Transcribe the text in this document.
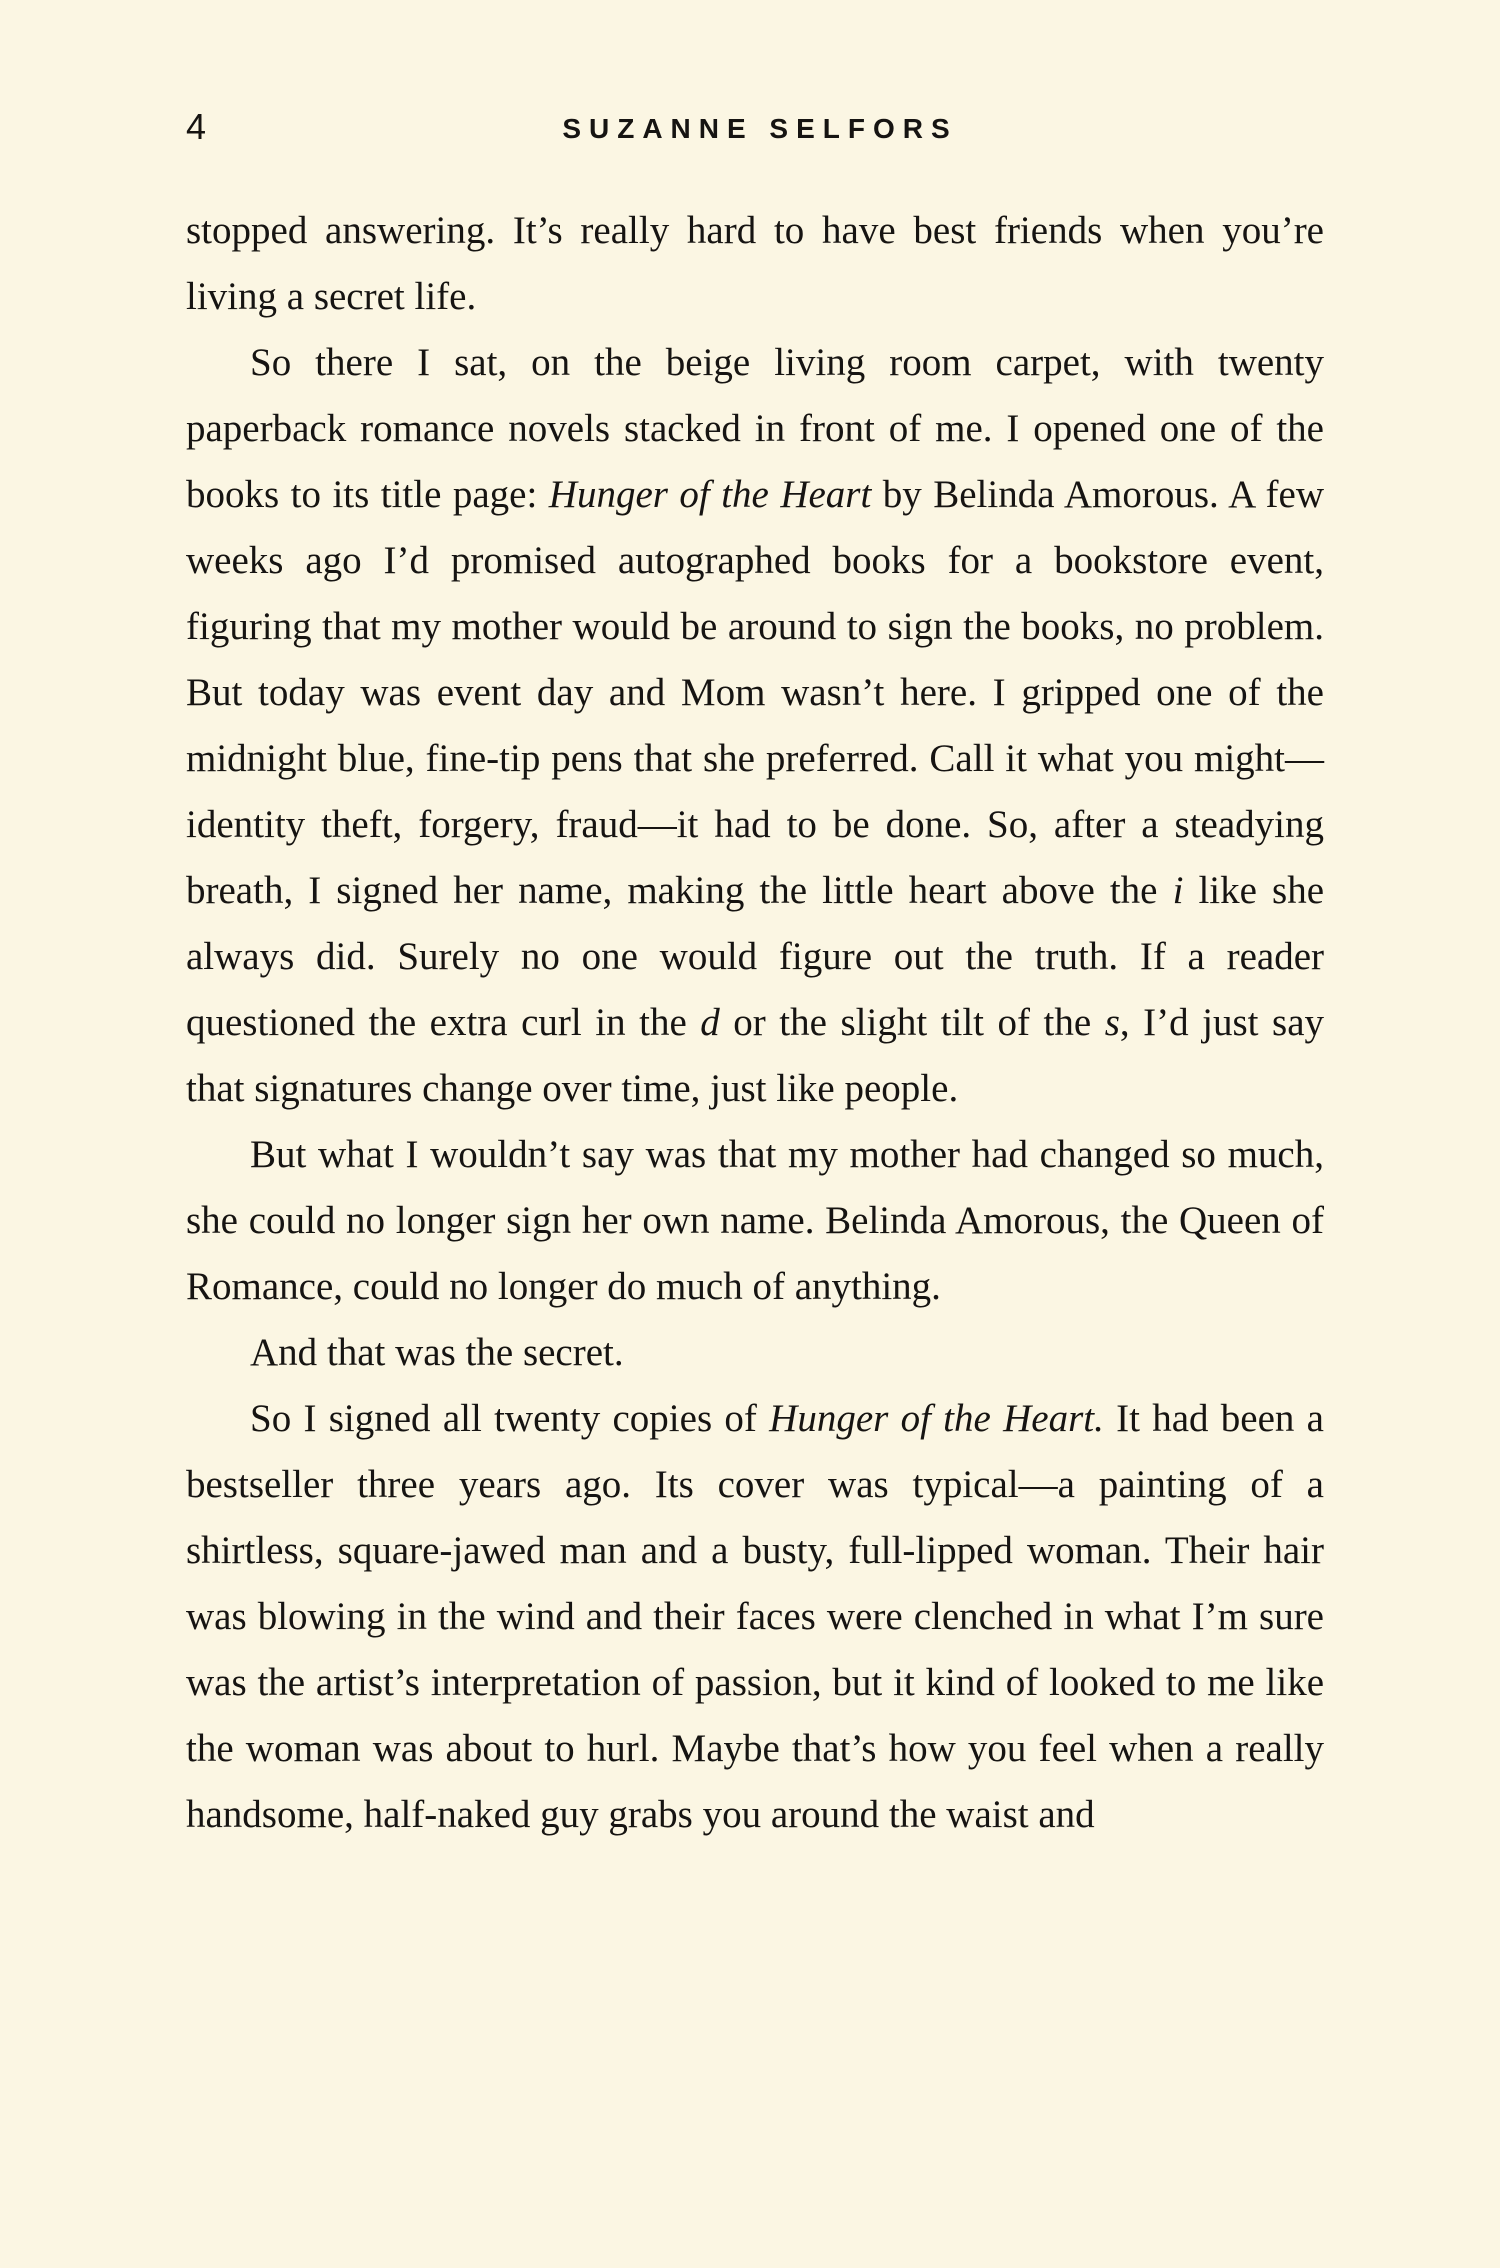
4	SUZANNE SELFORS

stopped answering. It’s really hard to have best friends when you’re living a secret life.

So there I sat, on the beige living room carpet, with twenty paperback romance novels stacked in front of me. I opened one of the books to its title page: Hunger of the Heart by Belinda Amorous. A few weeks ago I’d promised autographed books for a bookstore event, figuring that my mother would be around to sign the books, no problem. But today was event day and Mom wasn’t here. I gripped one of the midnight blue, fine-tip pens that she preferred. Call it what you might—identity theft, forgery, fraud—it had to be done. So, after a steadying breath, I signed her name, making the little heart above the i like she always did. Surely no one would figure out the truth. If a reader questioned the extra curl in the d or the slight tilt of the s, I’d just say that signatures change over time, just like people.

But what I wouldn’t say was that my mother had changed so much, she could no longer sign her own name. Belinda Amorous, the Queen of Romance, could no longer do much of anything.

And that was the secret.

So I signed all twenty copies of Hunger of the Heart. It had been a bestseller three years ago. Its cover was typical—a painting of a shirtless, square-jawed man and a busty, full-lipped woman. Their hair was blowing in the wind and their faces were clenched in what I’m sure was the artist’s interpretation of passion, but it kind of looked to me like the woman was about to hurl. Maybe that’s how you feel when a really handsome, half-naked guy grabs you around the waist and
